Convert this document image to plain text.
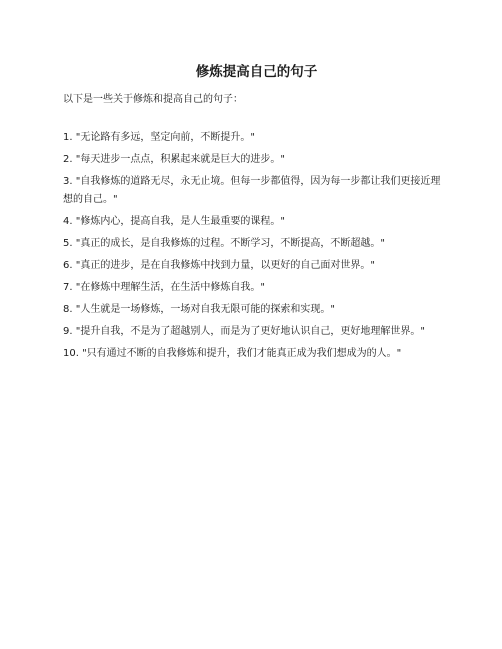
修炼提高自己的句子
以下是一些关于修炼和提高自己的句子：
1. "无论路有多远，坚定向前，不断提升。"
2. "每天进步一点点，积累起来就是巨大的进步。"
3. "自我修炼的道路无尽，永无止境。但每一步都值得，因为每一步都让我们更接近理想的自己。"
4. "修炼内心，提高自我，是人生最重要的课程。"
5. "真正的成长，是自我修炼的过程。不断学习，不断提高，不断超越。"
6. "真正的进步，是在自我修炼中找到力量，以更好的自己面对世界。"
7. "在修炼中理解生活，在生活中修炼自我。"
8. "人生就是一场修炼，一场对自我无限可能的探索和实现。"
9. "提升自我，不是为了超越别人，而是为了更好地认识自己，更好地理解世界。"
10. "只有通过不断的自我修炼和提升，我们才能真正成为我们想成为的人。"
